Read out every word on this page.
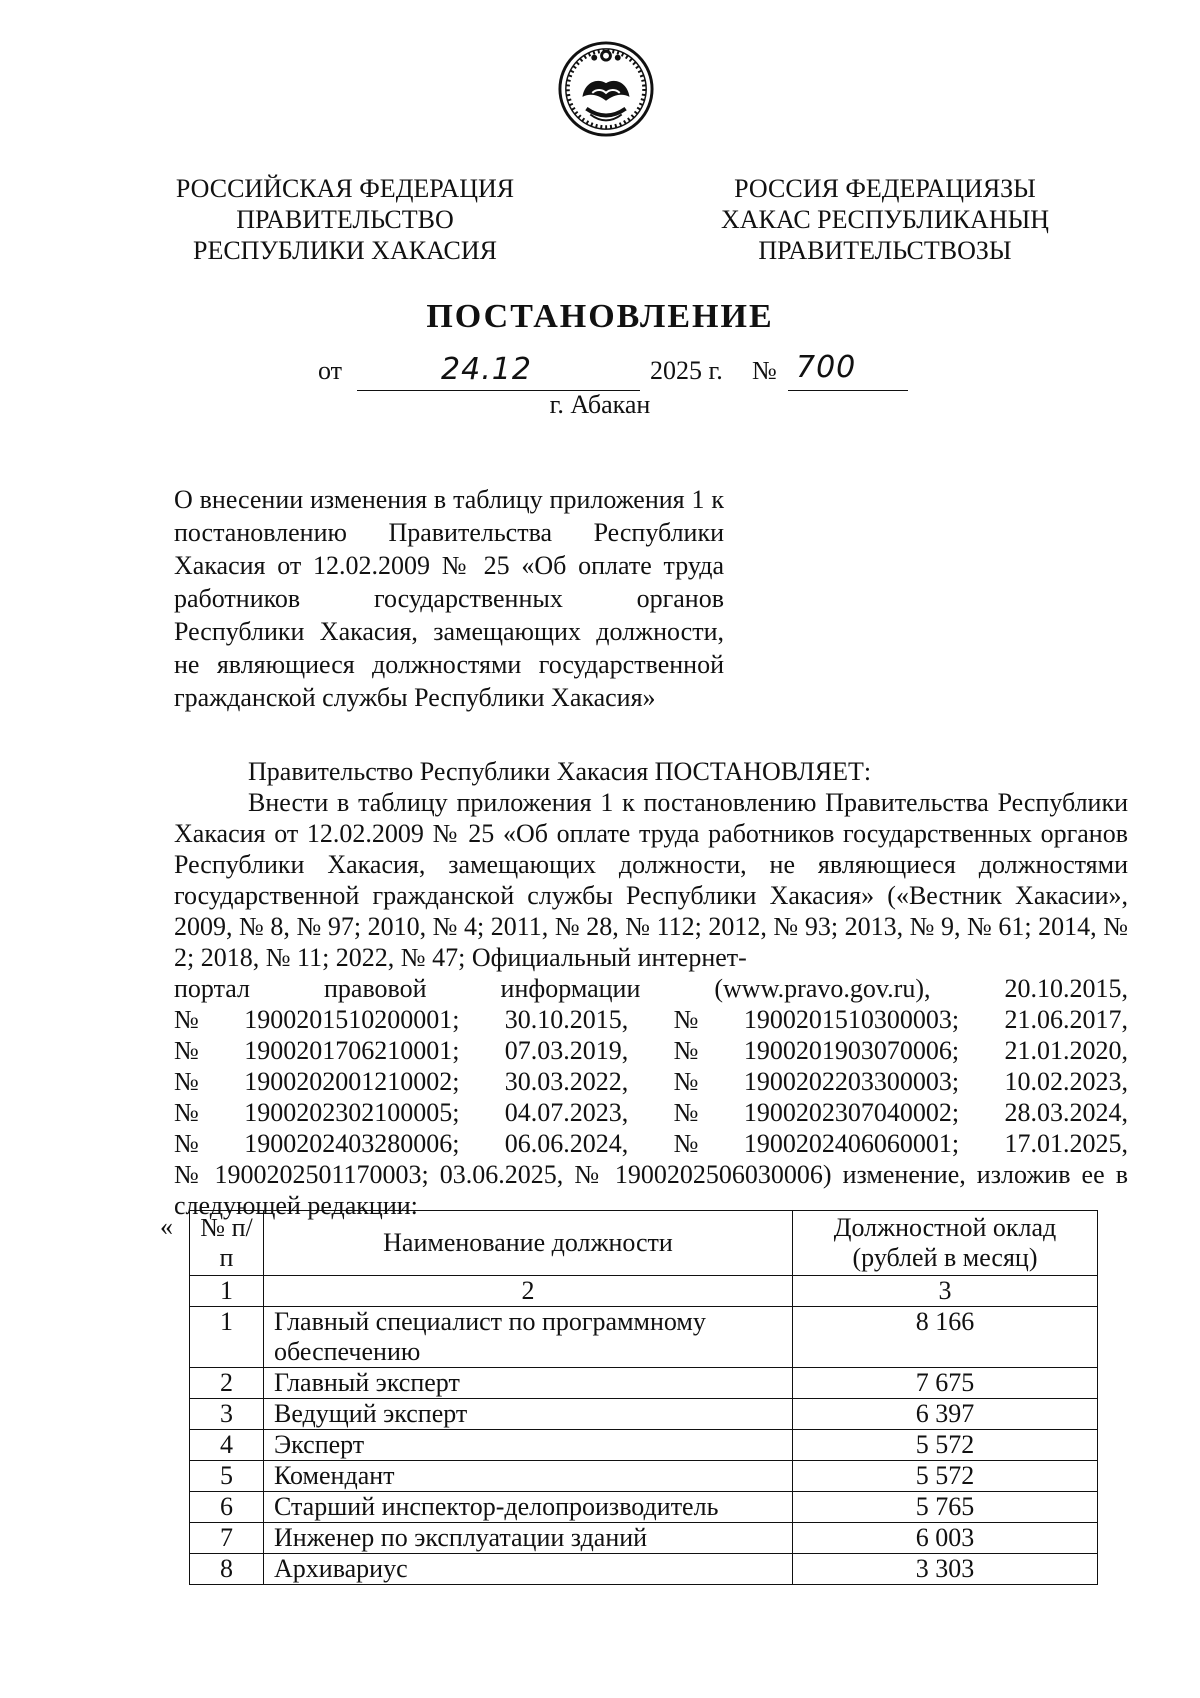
РОССИЙСКАЯ ФЕДЕРАЦИЯ
ПРАВИТЕЛЬСТВО
РЕСПУБЛИКИ ХАКАСИЯ
РОССИЯ ФЕДЕРАЦИЯЗЫ
ХАКАС РЕСПУБЛИКАНЫҢ
ПРАВИТЕЛЬСТВОЗЫ
ПОСТАНОВЛЕНИЕ
от	24.12	2025 г. № 700
г. Абакан
О внесении изменения в таблицу приложения 1 к постановлению Правительства Республики Хакасия от 12.02.2009 № 25 «Об оплате труда работников государственных органов Республики Хакасия, замещающих должности, не являющиеся должностями государственной гражданской службы Республики Хакасия»

Правительство Республики Хакасия ПОСТАНОВЛЯЕТ:

Внести в таблицу приложения 1 к постановлению Правительства Республики Хакасия от 12.02.2009 № 25 «Об оплате труда работников государственных органов Республики Хакасия, замещающих должности, не являющиеся должностями государственной гражданской службы Республики Хакасия» («Вестник Хакасии», 2009, № 8, № 97; 2010, № 4; 2011, № 28, № 112; 2012, № 93; 2013, № 9, № 61; 2014, № 2; 2018, № 11; 2022, № 47; Официальный интернет-

портал	правовой	информации	(www.pravo.gov.ru),	20.10.2015,
№ 1900201510200001; 30.10.2015, № 1900201510300003; 21.06.2017,
№ 1900201706210001; 07.03.2019, № 1900201903070006; 21.01.2020,
№ 1900202001210002; 30.03.2022, № 1900202203300003; 10.02.2023,
№ 1900202302100005; 04.07.2023, № 1900202307040002; 28.03.2024,
№ 1900202403280006; 06.06.2024, № 1900202406060001; 17.01.2025,

№ 1900202501170003; 03.06.2025, № 1900202506030006) изменение, изложив ее в следующей редакции:

« № п/п	Наименование должности	Должностной оклад (рублей в месяц)
1	2	3
1	Главный специалист по программному обеспечению	8 166
2	Главный эксперт	7 675
3	Ведущий эксперт	6 397
4	Эксперт	5 572
5	Комендант	5 572
6	Старший инспектор-делопроизводитель	5 765
7	Инженер по эксплуатации зданий	6 003
8	Архивариус	3 303
